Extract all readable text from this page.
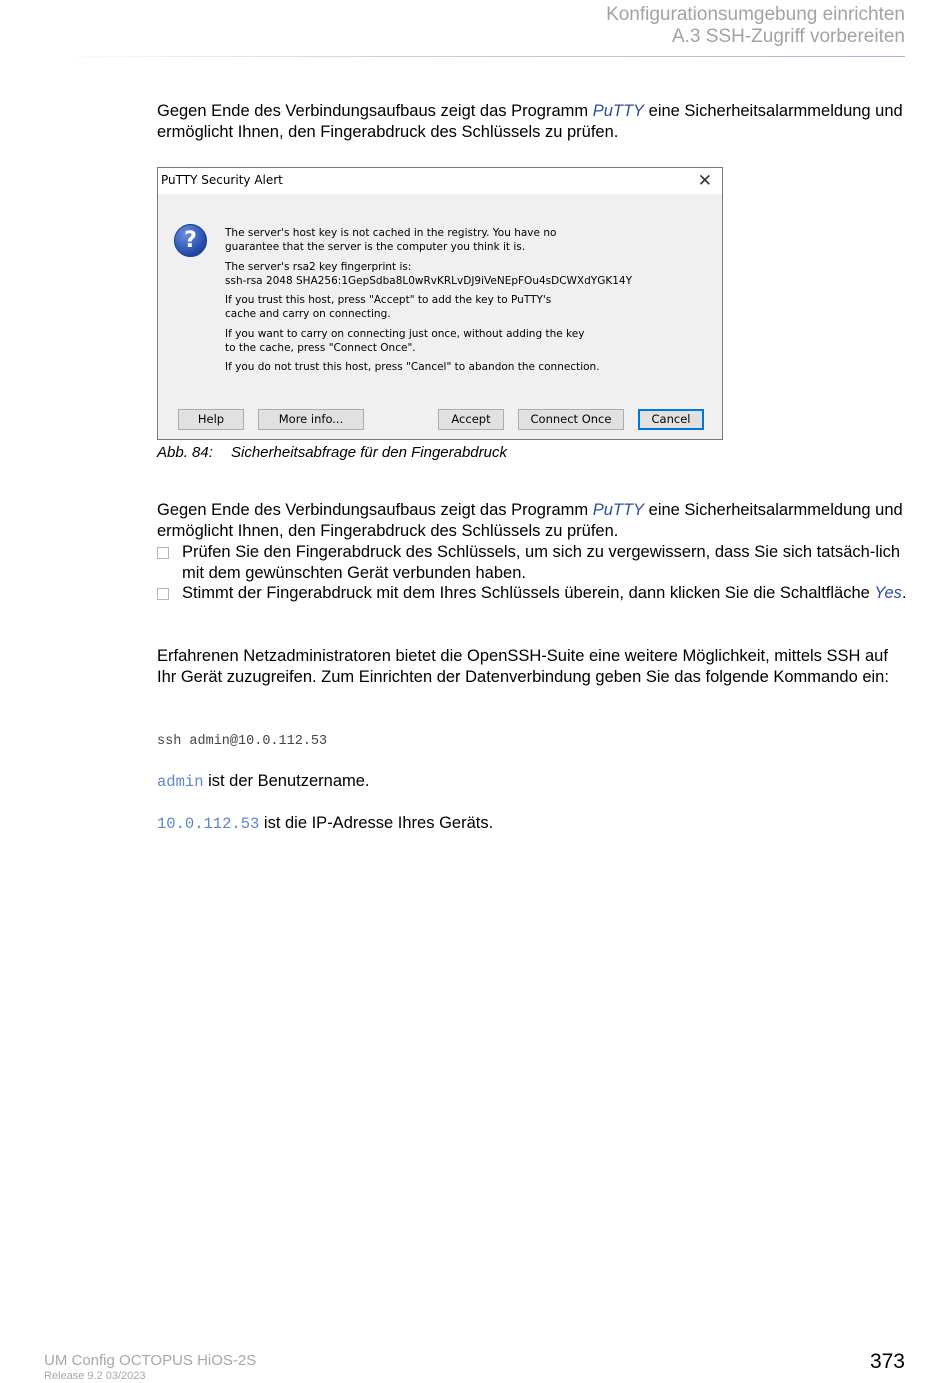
Konfigurationsumgebung einrichten
A.3 SSH-Zugriff vorbereiten

Gegen Ende des Verbindungsaufbaus zeigt das Programm PuTTY eine Sicherheitsalarmmeldung und ermöglicht Ihnen, den Fingerabdruck des Schlüssels zu prüfen.

PuTTY Security Alert	✕
?	The server's host key is not cached in the registry. You have no
guarantee that the server is the computer you think it is.
The server's rsa2 key fingerprint is:
ssh-rsa 2048 SHA256:1GepSdba8L0wRvKRLvDJ9iVeNEpFOu4sDCWXdYGK14Y
If you trust this host, press "Accept" to add the key to PuTTY's
cache and carry on connecting.
If you want to carry on connecting just once, without adding the key
to the cache, press "Connect Once".
If you do not trust this host, press "Cancel" to abandon the connection.
Help	More info...	Accept	Connect Once	Cancel
Abb. 84: Sicherheitsabfrage für den Fingerabdruck

Gegen Ende des Verbindungsaufbaus zeigt das Programm PuTTY eine Sicherheitsalarmmeldung und ermöglicht Ihnen, den Fingerabdruck des Schlüssels zu prüfen.

Prüfen Sie den Fingerabdruck des Schlüssels, um sich zu vergewissern, dass Sie sich tatsäch-lich mit dem gewünschten Gerät verbunden haben.
Stimmt der Fingerabdruck mit dem Ihres Schlüssels überein, dann klicken Sie die Schaltfläche Yes.

Erfahrenen Netzadministratoren bietet die OpenSSH-Suite eine weitere Möglichkeit, mittels SSH auf Ihr Gerät zuzugreifen. Zum Einrichten der Datenverbindung geben Sie das folgende Kommando ein:

ssh admin@10.0.112.53

admin ist der Benutzername.

10.0.112.53 ist die IP-Adresse Ihres Geräts.

UM Config OCTOPUS HiOS-2S
Release 9.2 03/2023
373
